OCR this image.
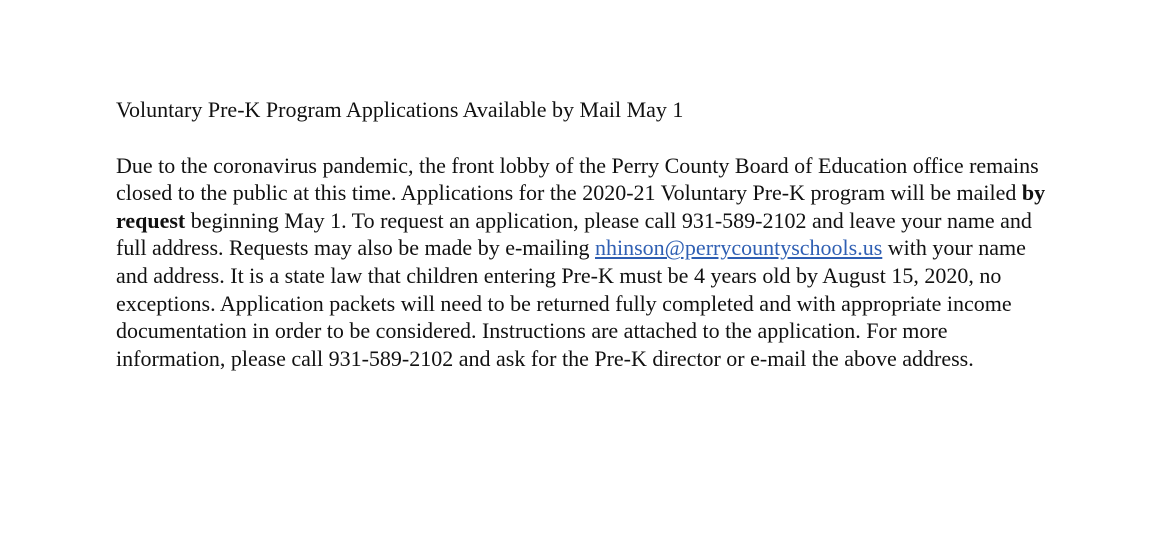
Voluntary Pre-K Program Applications Available by Mail May 1

Due to the coronavirus pandemic, the front lobby of the Perry County Board of Education office remains closed to the public at this time. Applications for the 2020-21 Voluntary Pre-K program will be mailed by request beginning May 1. To request an application, please call 931-589-2102 and leave your name and full address. Requests may also be made by e-mailing nhinson@perrycountyschools.us with your name and address. It is a state law that children entering Pre-K must be 4 years old by August 15, 2020, no exceptions. Application packets will need to be returned fully completed and with appropriate income documentation in order to be considered. Instructions are attached to the application. For more information, please call 931-589-2102 and ask for the Pre-K director or e-mail the above address.
